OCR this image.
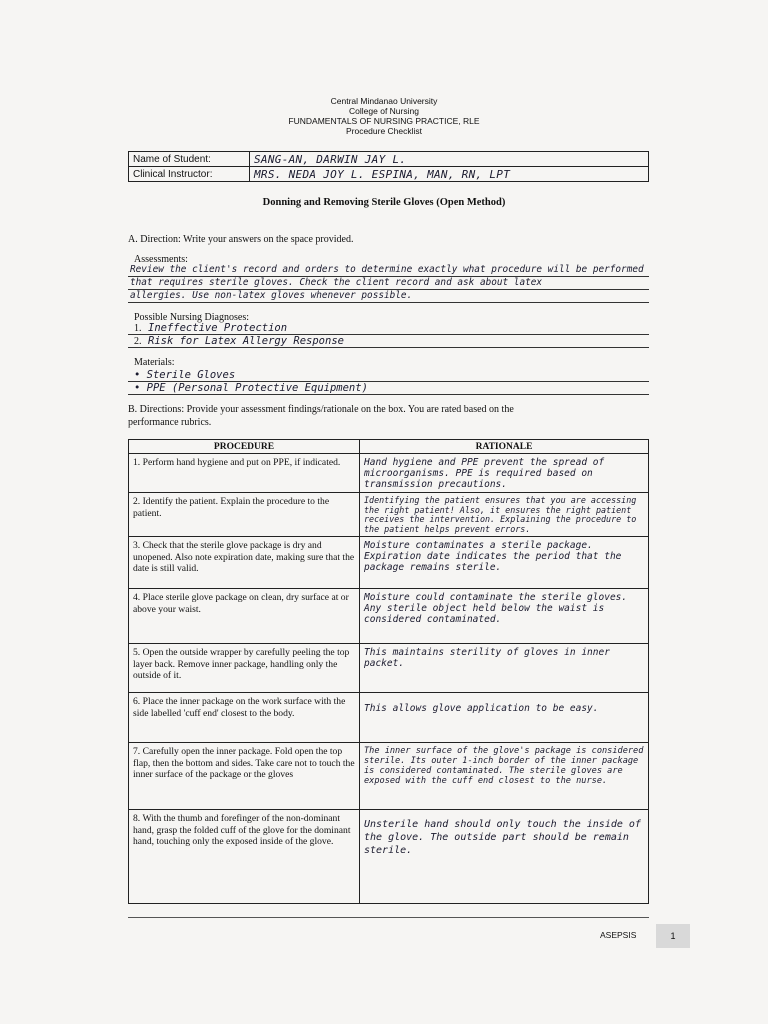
Central Mindanao University
College of Nursing
FUNDAMENTALS OF NURSING PRACTICE, RLE
Procedure Checklist
Name of Student:	SANG-AN, DARWIN JAY L.
Clinical Instructor:	MRS. NEDA JOY L. ESPINA, MAN, RN, LPT
Donning and Removing Sterile Gloves (Open Method)
A. Direction: Write your answers on the space provided.
Assessments:
Review the client's record and orders to determine exactly what procedure will be performed
that requires sterile gloves. Check the client record and ask about latex
allergies. Use non-latex gloves whenever possible.
Possible Nursing Diagnoses:
1. Ineffective Protection
2. Risk for Latex Allergy Response
Materials:
• Sterile Gloves
• PPE (Personal Protective Equipment)
B. Directions: Provide your assessment findings/rationale on the box. You are rated based on the
performance rubrics.
PROCEDURE	RATIONALE
1. Perform hand hygiene and put on PPE, if indicated.	Hand hygiene and PPE prevent the spread of microorganisms. PPE is required based on transmission precautions.
2. Identify the patient. Explain the procedure to the patient.	Identifying the patient ensures that you are accessing the right patient! Also, it ensures the right patient receives the intervention. Explaining the procedure to the patient helps prevent errors.
3. Check that the sterile glove package is dry and unopened. Also note expiration date, making sure that the date is still valid.	Moisture contaminates a sterile package. Expiration date indicates the period that the package remains sterile.
4. Place sterile glove package on clean, dry surface at or above your waist.	Moisture could contaminate the sterile gloves. Any sterile object held below the waist is considered contaminated.
5. Open the outside wrapper by carefully peeling the top layer back. Remove inner package, handling only the outside of it.	This maintains sterility of gloves in inner packet.
6. Place the inner package on the work surface with the side labelled 'cuff end' closest to the body.	This allows glove application to be easy.
7. Carefully open the inner package. Fold open the top flap, then the bottom and sides. Take care not to touch the inner surface of the package or the gloves	The inner surface of the glove's package is considered sterile. Its outer 1-inch border of the inner package is considered contaminated. The sterile gloves are exposed with the cuff end closest to the nurse.
8. With the thumb and forefinger of the non-dominant hand, grasp the folded cuff of the glove for the dominant hand, touching only the exposed inside of the glove.	Unsterile hand should only touch the inside of the glove. The outside part should be remain sterile.
ASEPSIS	1
